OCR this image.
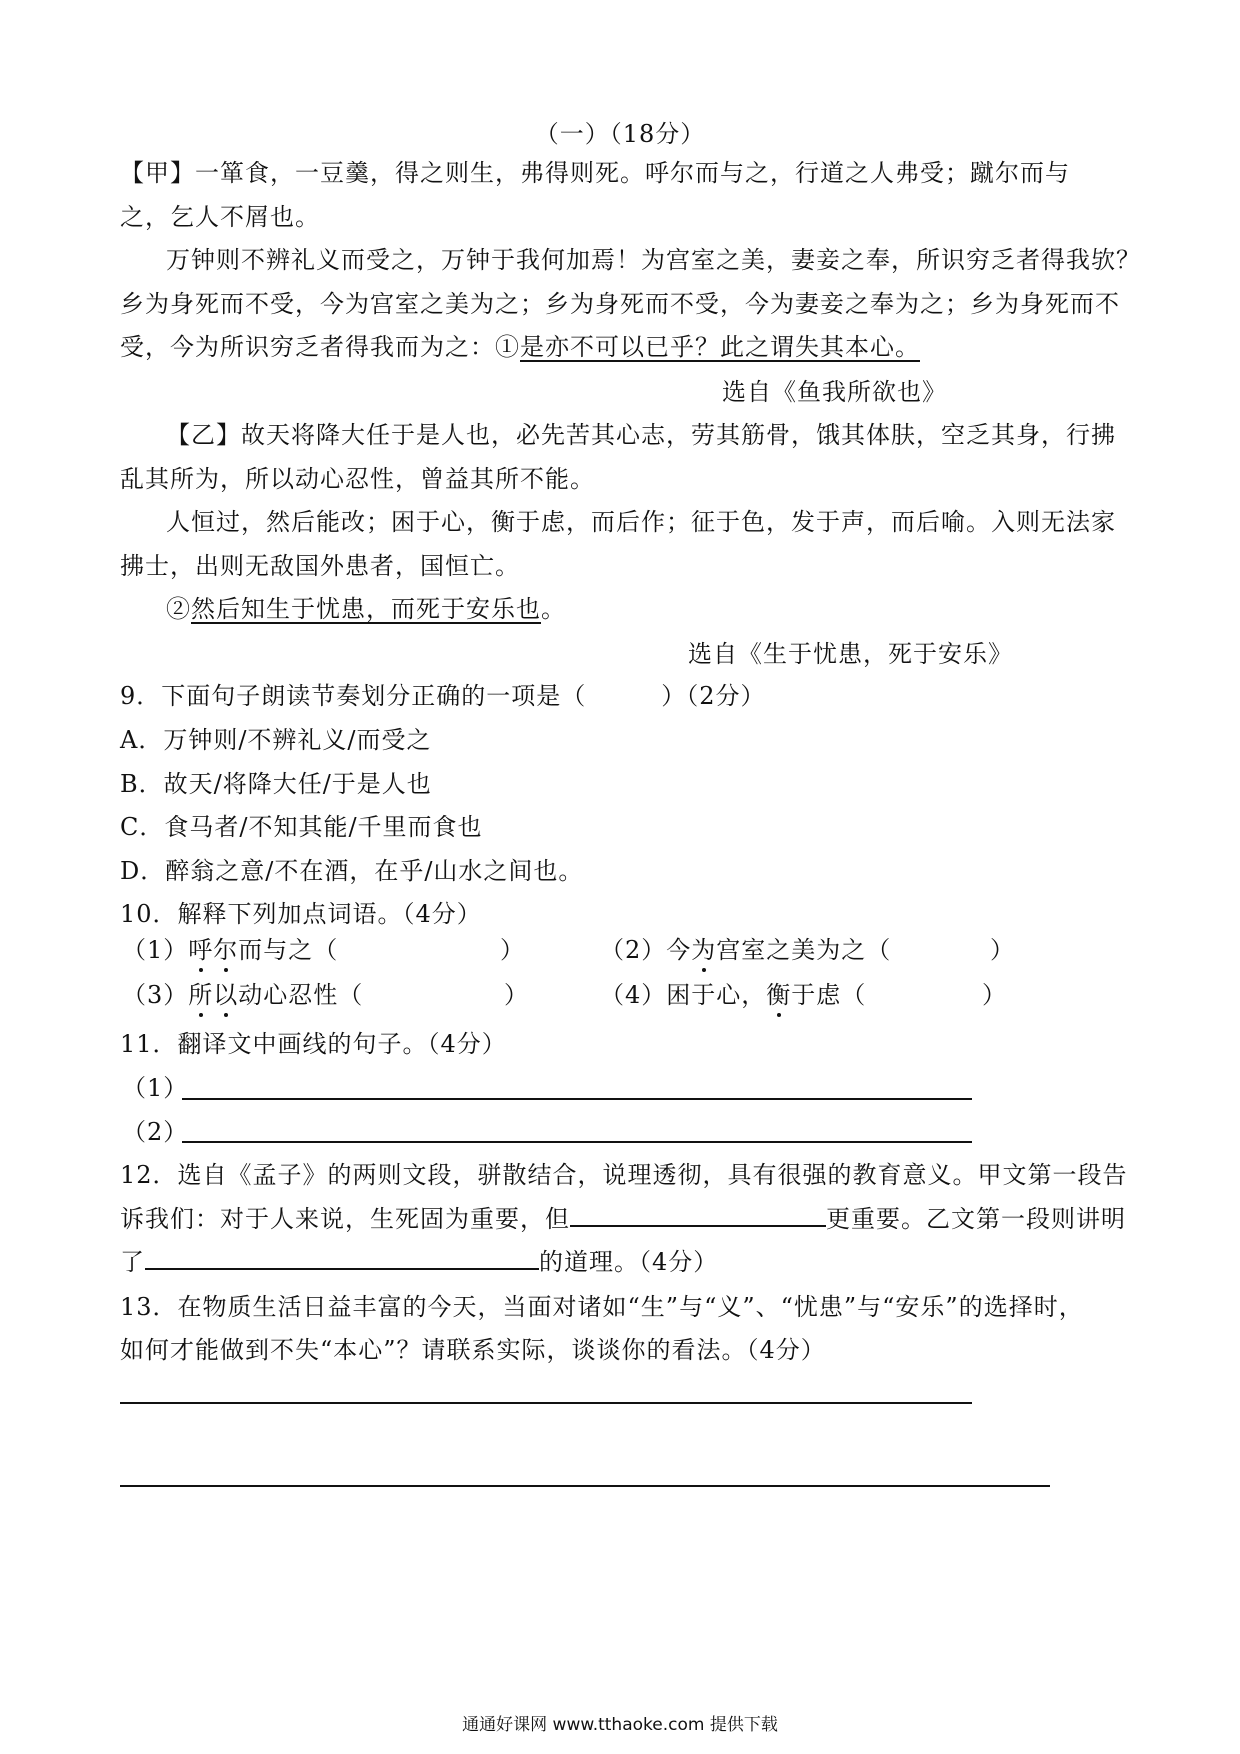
（一）（18分）
【甲】一箪食，一豆羹，得之则生，弗得则死。呼尔而与之，行道之人弗受；蹴尔而与
之，乞人不屑也。
万钟则不辨礼义而受之，万钟于我何加焉！为宫室之美，妻妾之奉，所识穷乏者得我欤？
乡为身死而不受，今为宫室之美为之；乡为身死而不受，今为妻妾之奉为之；乡为身死而不
受，今为所识穷乏者得我而为之：①是亦不可以已乎？此之谓失其本心。
选自《鱼我所欲也》
【乙】故天将降大任于是人也，必先苦其心志，劳其筋骨，饿其体肤，空乏其身，行拂
乱其所为，所以动心忍性，曾益其所不能。
人恒过，然后能改；困于心，衡于虑，而后作；征于色，发于声，而后喻。入则无法家
拂士，出则无敌国外患者，国恒亡。
②然后知生于忧患，而死于安乐也。
选自《生于忧患，死于安乐》
9．下面句子朗读节奏划分正确的一项是（　　　）（2分）
A．万钟则/不辨礼义/而受之
B．故天/将降大任/于是人也
C．食马者/不知其能/千里而食也
D．醉翁之意/不在酒，在乎/山水之间也。
10．解释下列加点词语。（4分）
（1）呼尔而与之（	）	（2）今为宫室之美为之（	）
（3）所以动心忍性（	）	（4）困于心，衡于虑（	）
11．翻译文中画线的句子。（4分）
（1）
（2）
12．选自《孟子》的两则文段，骈散结合，说理透彻，具有很强的教育意义。甲文第一段告
诉我们：对于人来说，生死固为重要，但	更重要。乙文第一段则讲明
了	的道理。（4分）
13．在物质生活日益丰富的今天，当面对诸如“生”与“义”、“忧患”与“安乐”的选择时，
如何才能做到不失“本心”？请联系实际，谈谈你的看法。（4分）
通通好课网 www.tthaoke.com 提供下载
